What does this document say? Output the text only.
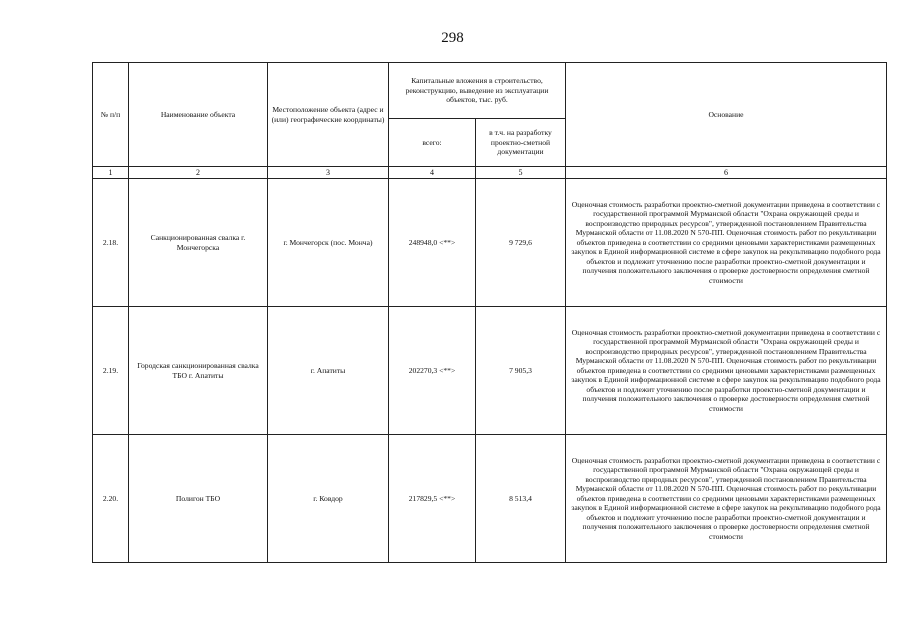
298
№ п/п	Наименование объекта	Местоположение объекта (адрес и (или) географические координаты)	Капитальные вложения в строительство, реконструкцию, выведение из эксплуатации объектов, тыс. руб.		Основание
			всего:	в т.ч. на разработку проектно-сметной документации	
1	2	3	4	5	6
2.18.	Санкционированная свалка г. Мончегорска	г. Мончегорск (пос. Монча)	248948,0 <**>	9 729,6	Оценочная стоимость разработки проектно-сметной документации приведена в соответствии с государственной программой Мурманской области "Охрана окружающей среды и воспроизводство природных ресурсов", утвержденной постановлением Правительства Мурманской области от 11.08.2020 N 570-ПП. Оценочная стоимость работ по рекультивации объектов приведена в соответствии со средними ценовыми характеристиками размещенных закупок в Единой информационной системе в сфере закупок на рекультивацию подобного рода объектов и подлежит уточнению после разработки проектно-сметной документации и получения положительного заключения о проверке достоверности определения сметной стоимости
2.19.	Городская санкционированная свалка ТБО г. Апатиты	г. Апатиты	202270,3 <**>	7 905,3	Оценочная стоимость разработки проектно-сметной документации приведена в соответствии с государственной программой Мурманской области "Охрана окружающей среды и воспроизводство природных ресурсов", утвержденной постановлением Правительства Мурманской области от 11.08.2020 N 570-ПП. Оценочная стоимость работ по рекультивации объектов приведена в соответствии со средними ценовыми характеристиками размещенных закупок в Единой информационной системе в сфере закупок на рекультивацию подобного рода объектов и подлежит уточнению после разработки проектно-сметной документации и получения положительного заключения о проверке достоверности определения сметной стоимости
2.20.	Полигон ТБО	г. Ковдор	217829,5 <**>	8 513,4	Оценочная стоимость разработки проектно-сметной документации приведена в соответствии с государственной программой Мурманской области "Охрана окружающей среды и воспроизводство природных ресурсов", утвержденной постановлением Правительства Мурманской области от 11.08.2020 N 570-ПП. Оценочная стоимость работ по рекультивации объектов приведена в соответствии со средними ценовыми характеристиками размещенных закупок в Единой информационной системе в сфере закупок на рекультивацию подобного рода объектов и подлежит уточнению после разработки проектно-сметной документации и получения положительного заключения о проверке достоверности определения сметной стоимости
